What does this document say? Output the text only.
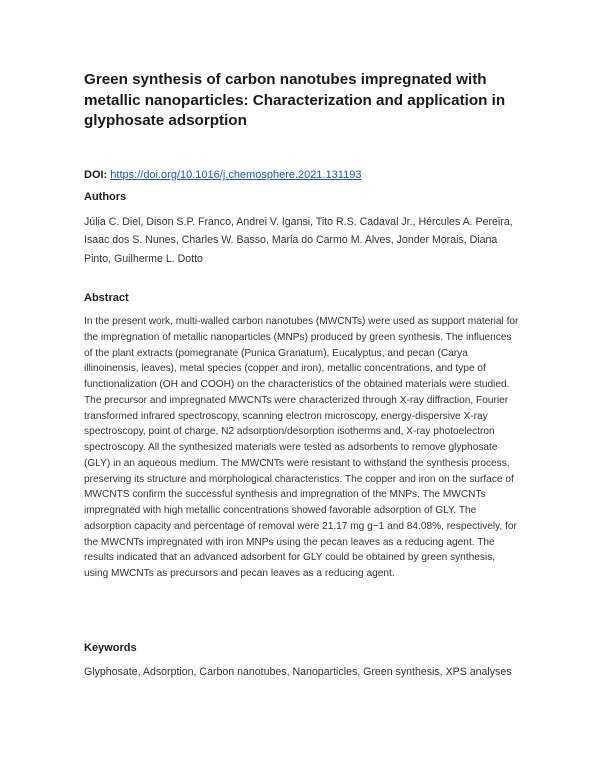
Green synthesis of carbon nanotubes impregnated with metallic nanoparticles: Characterization and application in glyphosate adsorption
DOI: https://doi.org/10.1016/j.chemosphere.2021.131193
Authors

Júlia C. Diel, Dison S.P. Franco, Andrei V. Igansi, Tito R.S. Cadaval Jr., Hércules A. Pereira, Isaac dos S. Nunes, Charles W. Basso, Maria do Carmo M. Alves, Jonder Morais, Diana Pinto, Guilherme L. Dotto

Abstract

In the present work, multi-walled carbon nanotubes (MWCNTs) were used as support material for the impregnation of metallic nanoparticles (MNPs) produced by green synthesis. The influences of the plant extracts (pomegranate (Punica Granatum), Eucalyptus, and pecan (Carya illinoinensis, leaves), metal species (copper and iron), metallic concentrations, and type of functionalization (OH and COOH) on the characteristics of the obtained materials were studied. The precursor and impregnated MWCNTs were characterized through X-ray diffraction, Fourier transformed infrared spectroscopy, scanning electron microscopy, energy-dispersive X-ray spectroscopy, point of charge, N2 adsorption/desorption isotherms and, X-ray photoelectron spectroscopy. All the synthesized materials were tested as adsorbents to remove glyphosate (GLY) in an aqueous medium. The MWCNTs were resistant to withstand the synthesis process, preserving its structure and morphological characteristics. The copper and iron on the surface of MWCNTS confirm the successful synthesis and impregnation of the MNPs. The MWCNTs impregnated with high metallic concentrations showed favorable adsorption of GLY. The adsorption capacity and percentage of removal were 21.17 mg g−1 and 84.08%, respectively, for the MWCNTs impregnated with iron MNPs using the pecan leaves as a reducing agent. The results indicated that an advanced adsorbent for GLY could be obtained by green synthesis, using MWCNTs as precursors and pecan leaves as a reducing agent.

Keywords

Glyphosate, Adsorption, Carbon nanotubes, Nanoparticles, Green synthesis, XPS analyses
